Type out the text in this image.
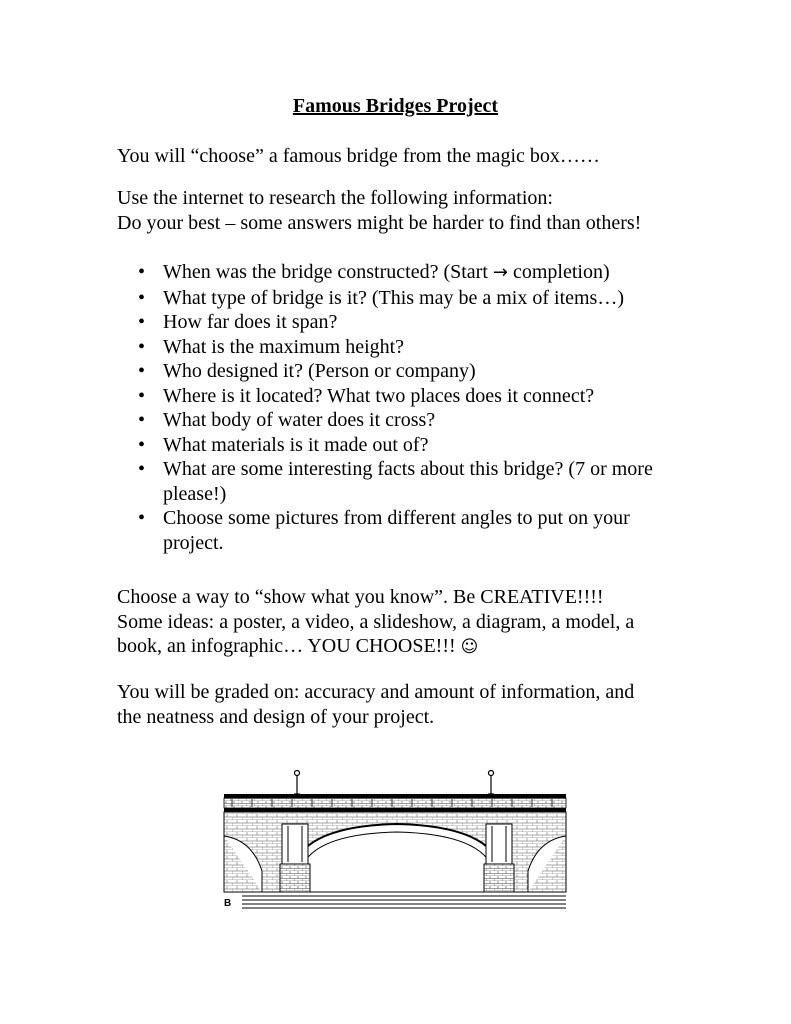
Famous Bridges Project
You will “choose” a famous bridge from the magic box……
Use the internet to research the following information:
Do your best – some answers might be harder to find than others!
• When was the bridge constructed? (Start → completion)
• What type of bridge is it? (This may be a mix of items…)
• How far does it span?
• What is the maximum height?
• Who designed it? (Person or company)
• Where is it located? What two places does it connect?
• What body of water does it cross?
• What materials is it made out of?
• What are some interesting facts about this bridge? (7 or more
please!)
• Choose some pictures from different angles to put on your
project.
Choose a way to “show what you know”. Be CREATIVE!!!!
Some ideas: a poster, a video, a slideshow, a diagram, a model, a
book, an infographic… YOU CHOOSE!!! ☺
You will be graded on: accuracy and amount of information, and
the neatness and design of your project.
B
